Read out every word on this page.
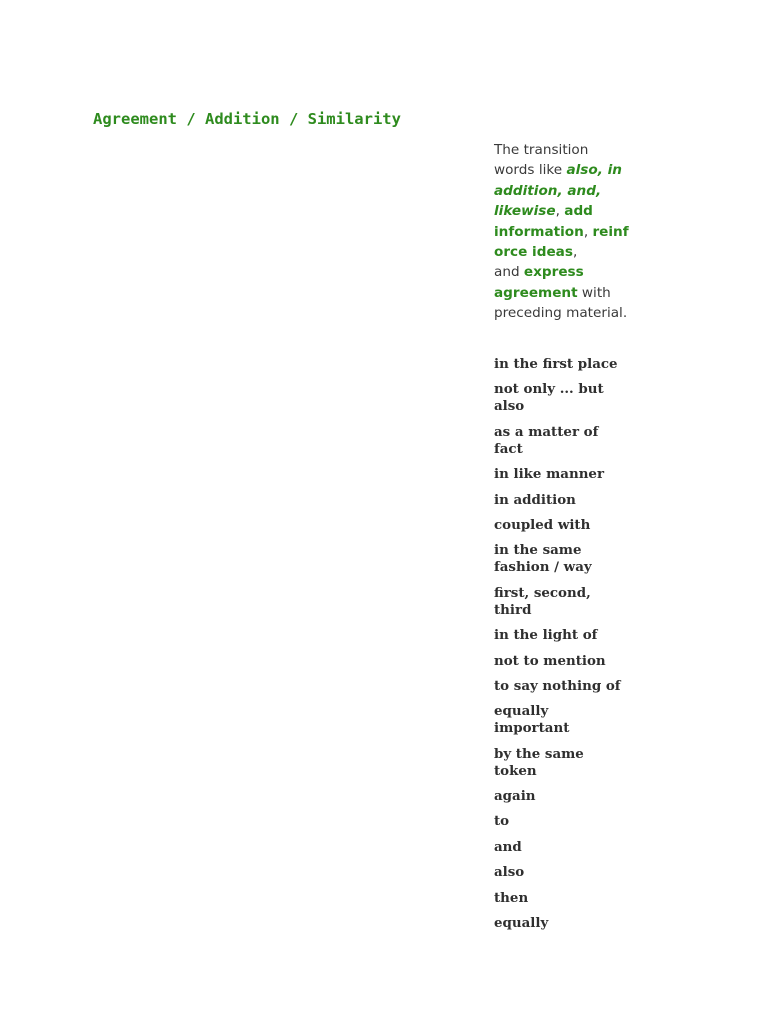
Agreement / Addition / Similarity

The transition
words like also, in
addition, and,
likewise, add
information, reinf
orce ideas,
and express
agreement with
preceding material.

in the first place
not only ... but
also
as a matter of
fact
in like manner
in addition
coupled with
in the same
fashion / way
first, second,
third
in the light of
not to mention
to say nothing of
equally
important
by the same
token
again
to
and
also
then
equally
